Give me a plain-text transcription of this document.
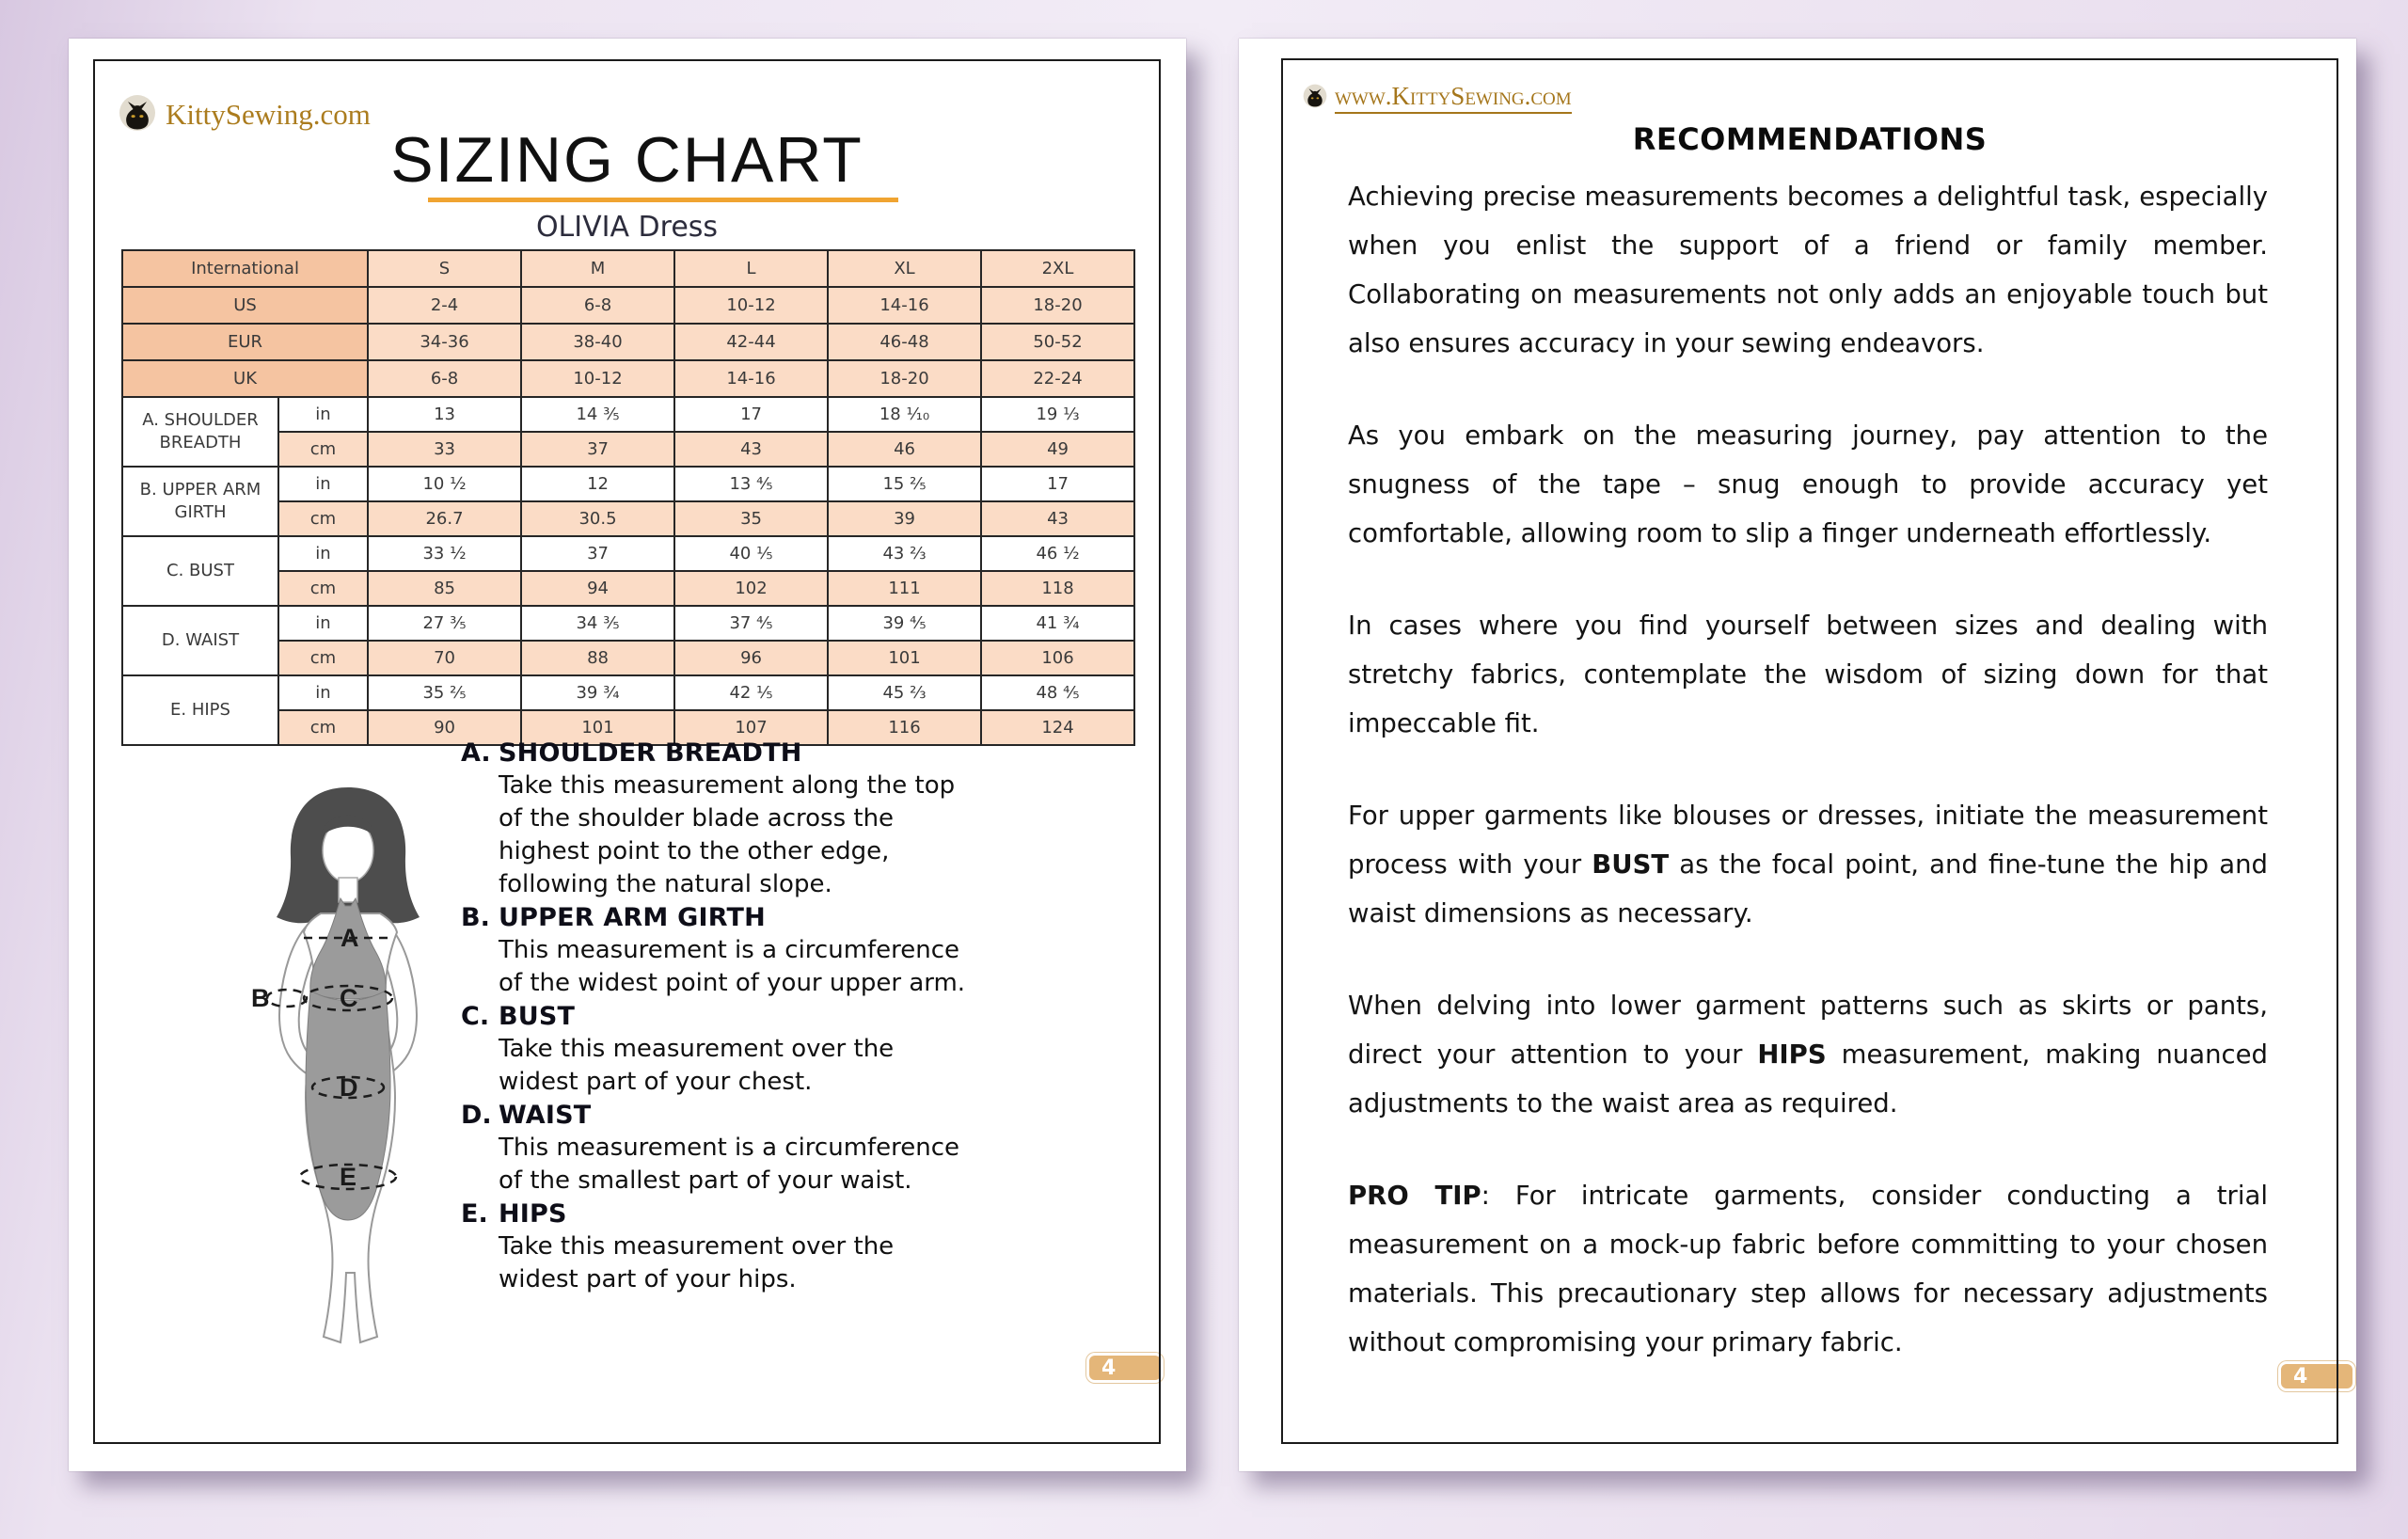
KittySewing.com
SIZING CHART
OLIVIA Dress
International		S	M	L	XL	2XL
US		2-4	6-8	10-12	14-16	18-20
EUR		34-36	38-40	42-44	46-48	50-52
UK		6-8	10-12	14-16	18-20	22-24
A. SHOULDER BREADTH	in	13	14 ⅗	17	18 ⅒	19 ⅓
	cm	33	37	43	46	49
B. UPPER ARM GIRTH	in	10 ½	12	13 ⅘	15 ⅖	17
	cm	26.7	30.5	35	39	43
C. BUST	in	33 ½	37	40 ⅕	43 ⅔	46 ½
	cm	85	94	102	111	118
D. WAIST	in	27 ⅗	34 ⅗	37 ⅘	39 ⅘	41 ¾
	cm	70	88	96	101	106
E. HIPS	in	35 ⅖	39 ¾	42 ⅕	45 ⅔	48 ⅘
	cm	90	101	107	116	124
A
B	C
D
E
A. SHOULDER BREADTH
Take this measurement along the top of the shoulder blade across the highest point to the other edge, following the natural slope.
B. UPPER ARM GIRTH
This measurement is a circumference of the widest point of your upper arm.
C. BUST
Take this measurement over the widest part of your chest.
D. WAIST
This measurement is a circumference of the smallest part of your waist.
E. HIPS
Take this measurement over the widest part of your hips.
4
www.KittySewing.com
RECOMMENDATIONS

Achieving precise measurements becomes a delightful task, especially when you enlist the support of a friend or family member. Collaborating on measurements not only adds an enjoyable touch but also ensures accuracy in your sewing endeavors.

As you embark on the measuring journey, pay attention to the snugness of the tape – snug enough to provide accuracy yet comfortable, allowing room to slip a finger underneath effortlessly.

In cases where you find yourself between sizes and dealing with stretchy fabrics, contemplate the wisdom of sizing down for that impeccable fit.

For upper garments like blouses or dresses, initiate the measurement process with your BUST as the focal point, and fine-tune the hip and waist dimensions as necessary.

When delving into lower garment patterns such as skirts or pants, direct your attention to your HIPS measurement, making nuanced adjustments to the waist area as required.

PRO TIP: For intricate garments, consider conducting a trial measurement on a mock-up fabric before committing to your chosen materials. This precautionary step allows for necessary adjustments without compromising your primary fabric.

4
